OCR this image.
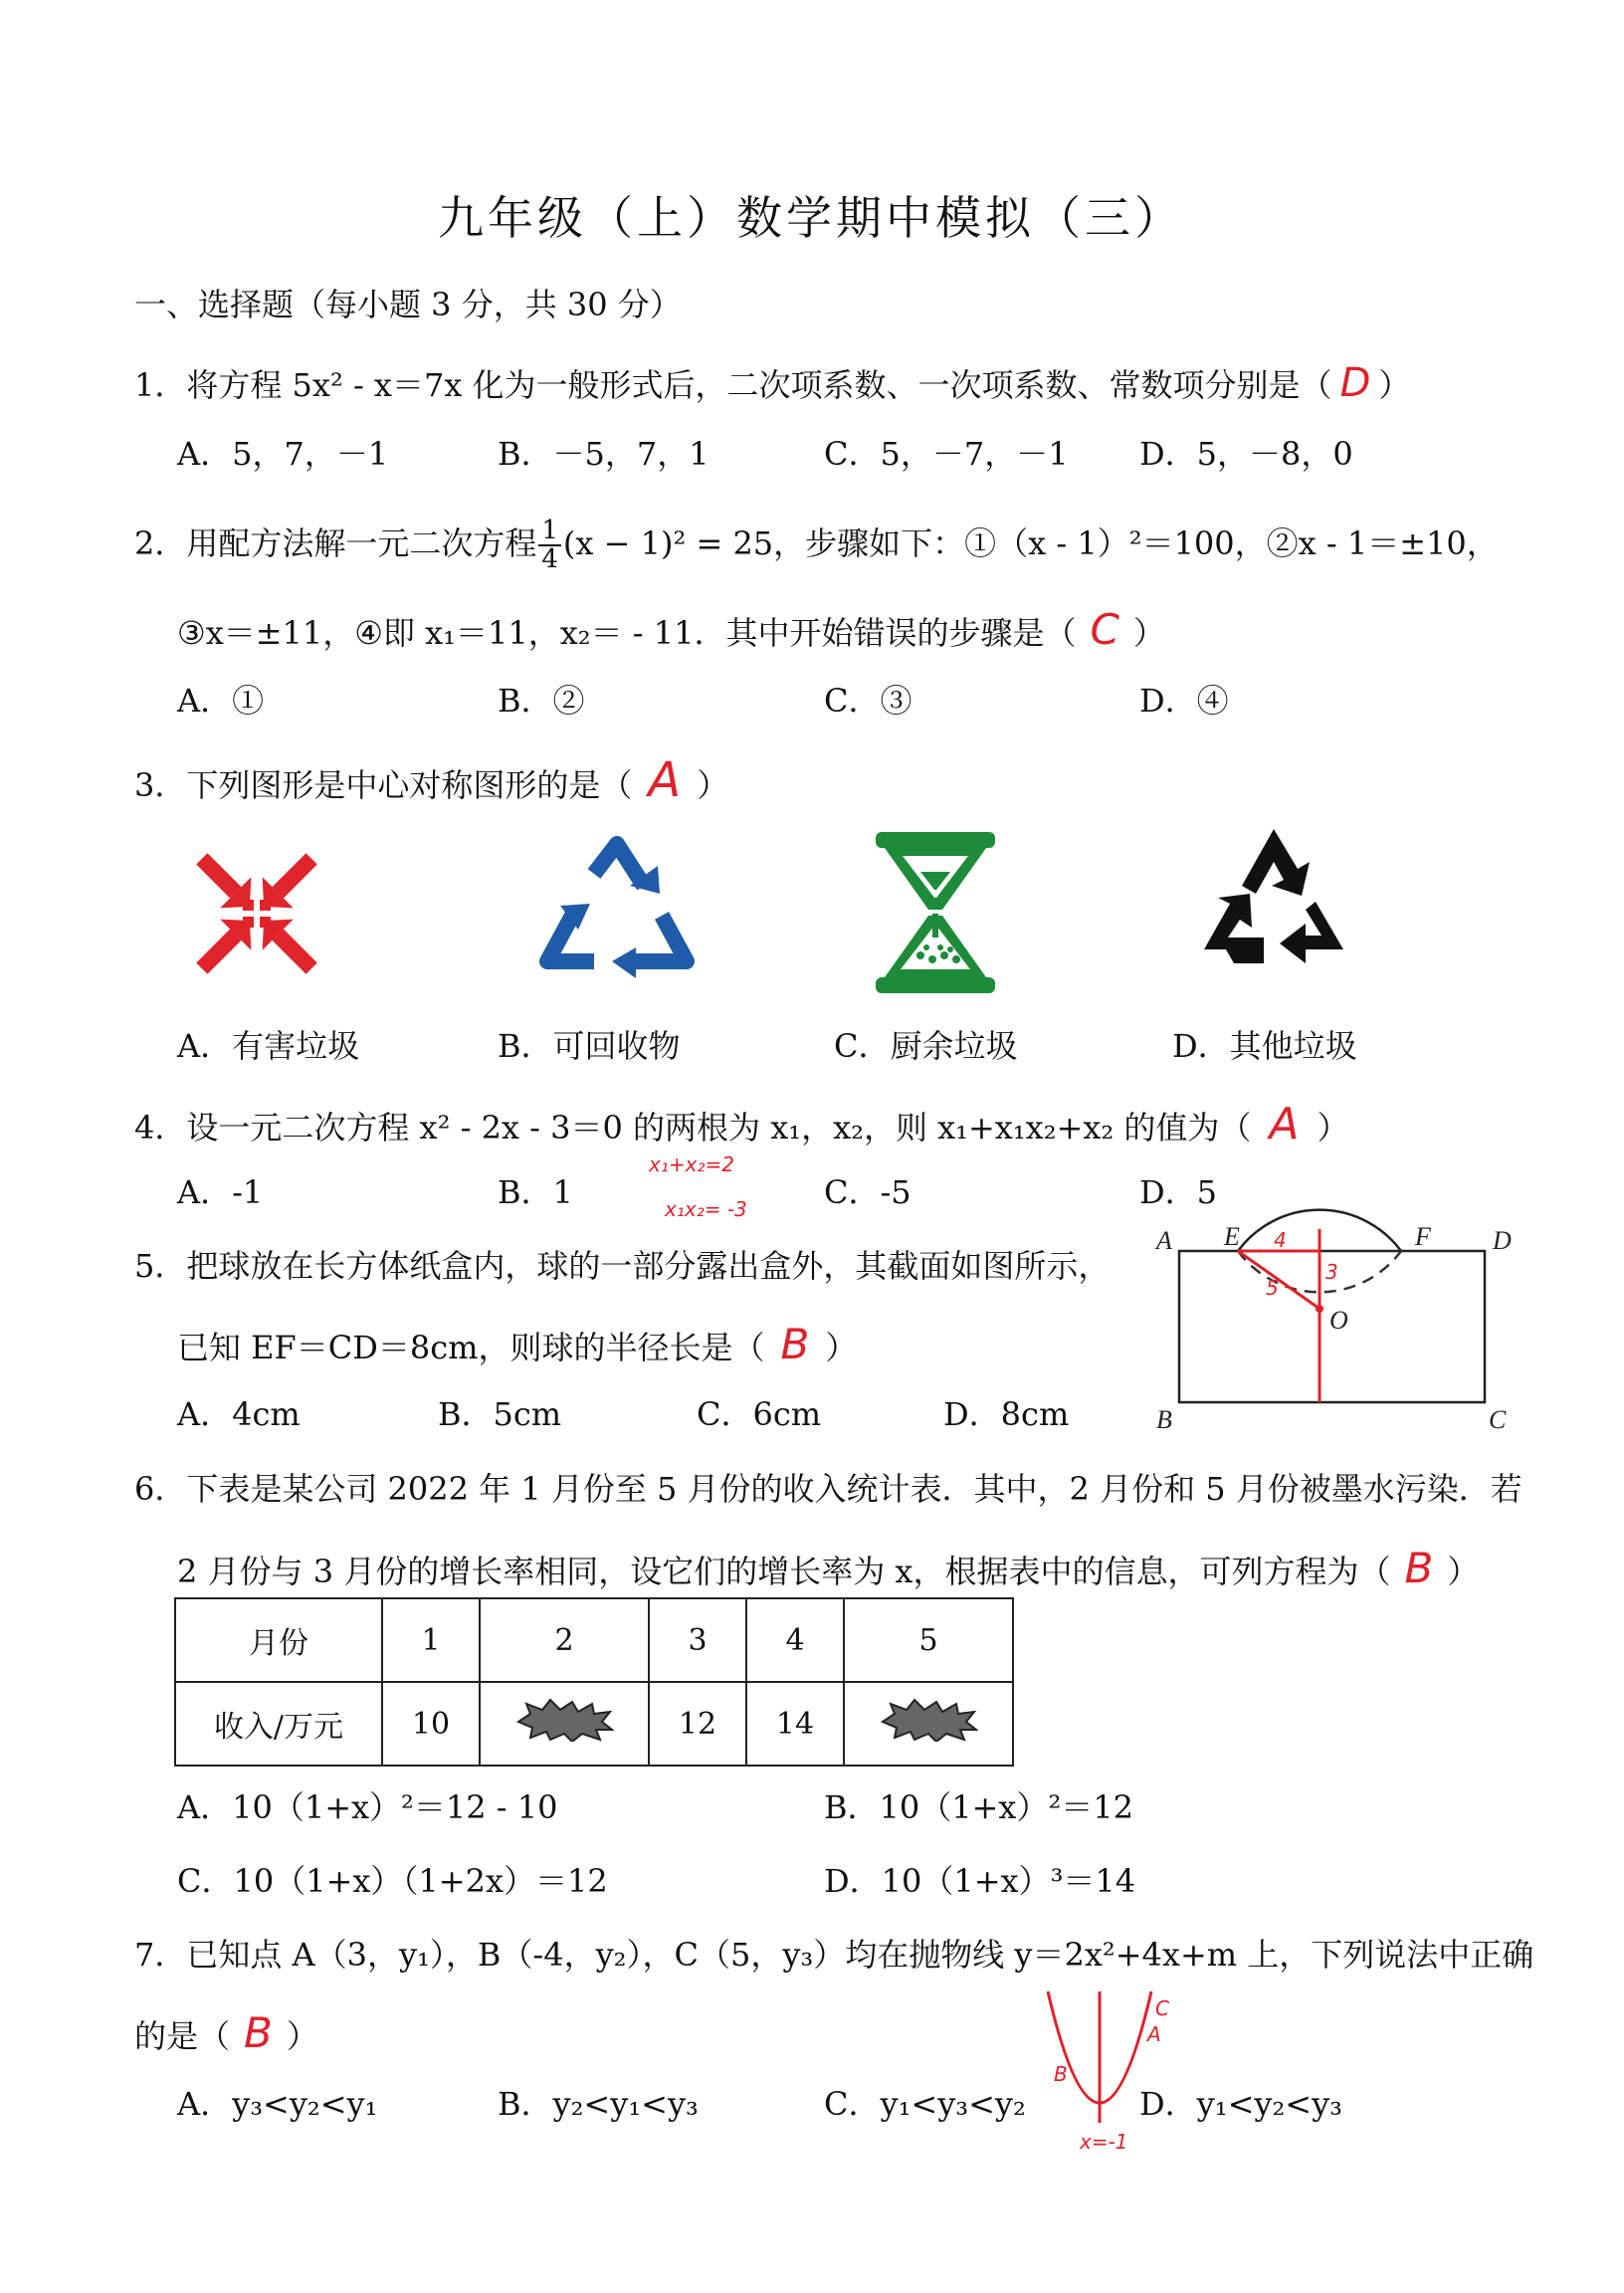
九年级（上）数学期中模拟（三）
一、选择题（每小题 3 分，共 30 分）
1．将方程 5x² - x＝7x 化为一般形式后，二次项系数、一次项系数、常数项分别是（ D ）
A．5，7，－1	B．－5，7，1	C．5，－7，－1 D．5，－8，0
2．用配方法解一元二次方程 $\frac{1}{4} (x - 1)^2 = 25$，步骤如下：①（x - 1）²＝100，②x - 1＝±10，
③x＝±11，④即 x₁＝11，x₂＝ - 11．其中开始错误的步骤是（ C ）
A．①	B．②	C．③	D．④
3．下列图形是中心对称图形的是（ A ）
A．有害垃圾	B．可回收物	C．厨余垃圾	D．其他垃圾
4．设一元二次方程 x² - 2x - 3＝0 的两根为 x₁，x₂，则 x₁+x₁x₂+x₂ 的值为（ A ）
x₁+x₂=2
x₁x₂= -3
A．-1	B．1	C．-5	D．5
5．把球放在长方体纸盒内，球的一部分露出盒外，其截面如图所示，
已知 EF＝CD＝8cm，则球的半径长是（ B ）
A．4cm	B．5cm	C．6cm	D．8cm
A E	F D
B	C
O
4
5
3
6．下表是某公司 2022 年 1 月份至 5 月份的收入统计表．其中，2 月份和 5 月份被墨水污染．若
2 月份与 3 月份的增长率相同，设它们的增长率为 x，根据表中的信息，可列方程为（ B ）
月份	1	2	3	4	5
收入/万元	10		12	14	
A．10（1+x）²＝12 - 10	B．10（1+x）²＝12
C．10（1+x）（1+2x）＝12	D．10（1+x）³＝14
7．已知点 A（3，y₁），B（-4，y₂），C（5，y₃）均在抛物线 y＝2x²+4x+m 上，下列说法中正确
的是（ B ）
C
A
B
x=-1
A．y₃<y₂<y₁	B．y₂<y₁<y₃	C．y₁<y₃<y₂	D．y₁<y₂<y₃
